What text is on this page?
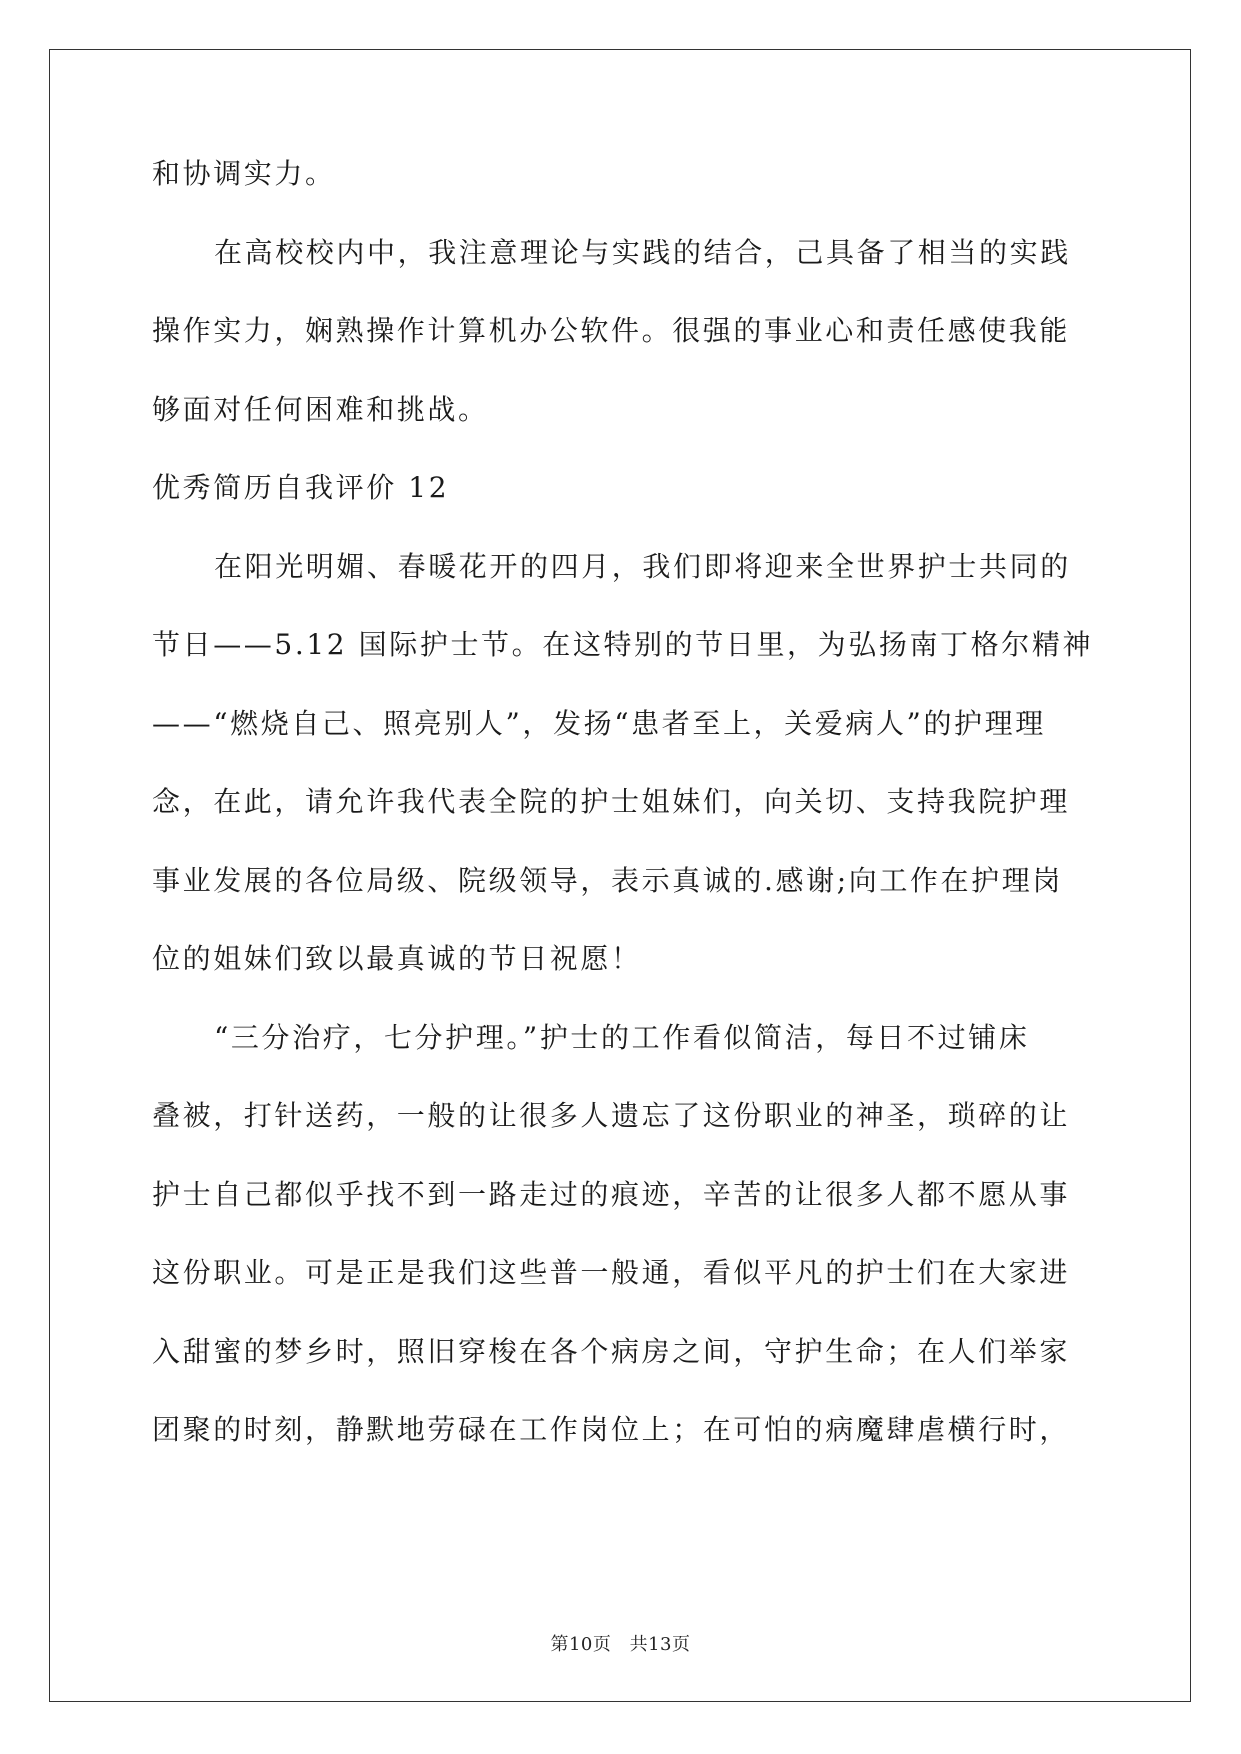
和协调实力。
在高校校内中，我注意理论与实践的结合，己具备了相当的实践
操作实力，娴熟操作计算机办公软件。很强的事业心和责任感使我能
够面对任何困难和挑战。
优秀简历自我评价 12
在阳光明媚、春暖花开的四月，我们即将迎来全世界护士共同的
节日——5.12 国际护士节。在这特别的节日里，为弘扬南丁格尔精神
——“燃烧自己、照亮别人”，发扬“患者至上，关爱病人”的护理理
念，在此，请允许我代表全院的护士姐妹们，向关切、支持我院护理
事业发展的各位局级、院级领导，表示真诚的.感谢;向工作在护理岗
位的姐妹们致以最真诚的节日祝愿！
“三分治疗，七分护理。”护士的工作看似简洁，每日不过铺床
叠被，打针送药，一般的让很多人遗忘了这份职业的神圣，琐碎的让
护士自己都似乎找不到一路走过的痕迹，辛苦的让很多人都不愿从事
这份职业。可是正是我们这些普一般通，看似平凡的护士们在大家进
入甜蜜的梦乡时，照旧穿梭在各个病房之间，守护生命；在人们举家
团聚的时刻，静默地劳碌在工作岗位上；在可怕的病魔肆虐横行时，
第10页 共13页
